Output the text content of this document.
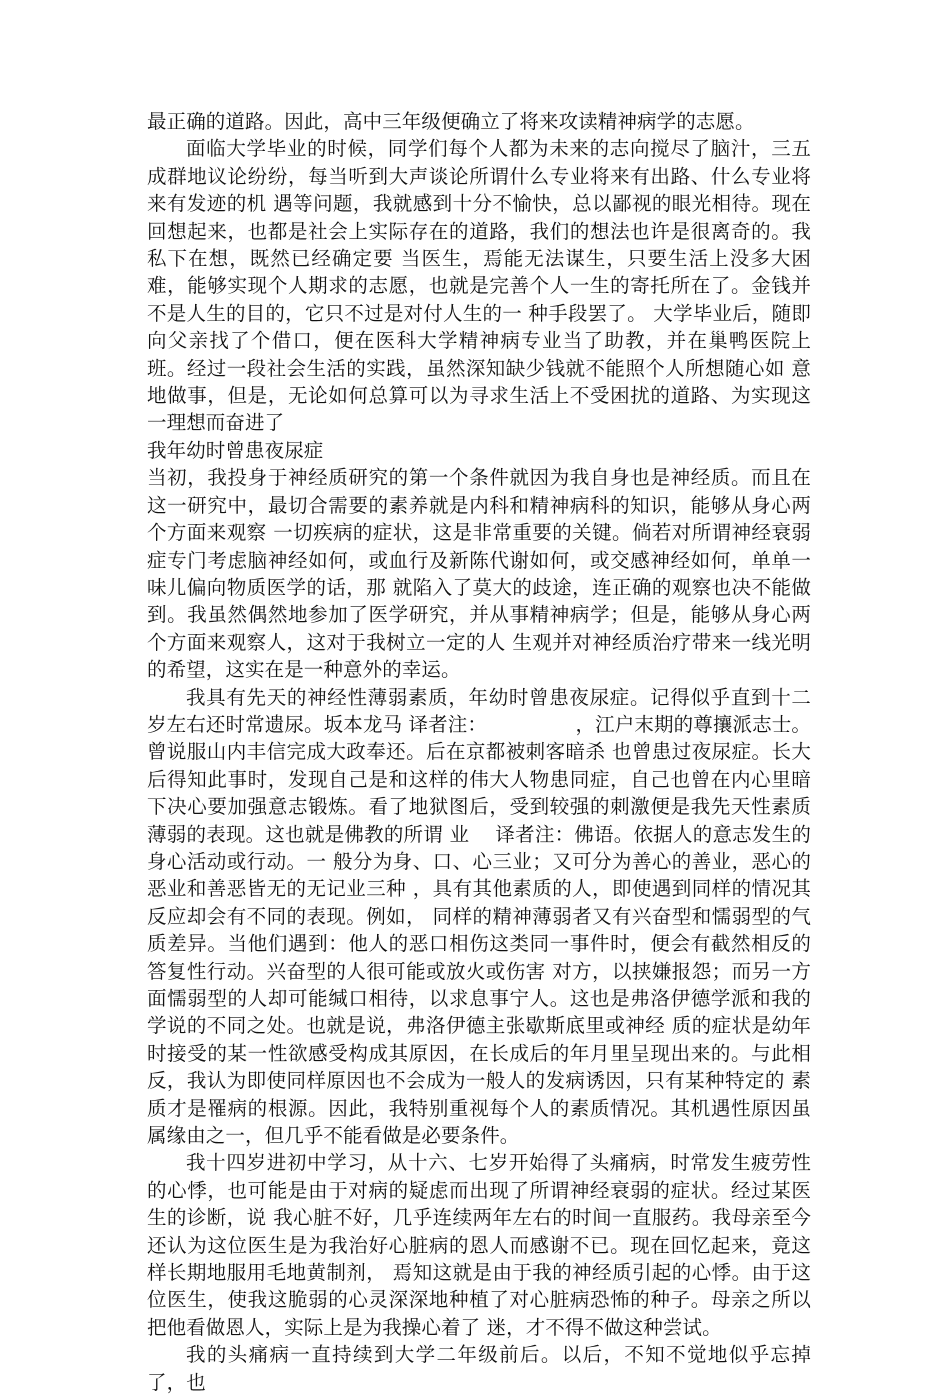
最正确的道路。因此，高中三年级便确立了将来攻读精神病学的志愿。

面临大学毕业的时候，同学们每个人都为未来的志向搅尽了脑汁，三五成群地议论纷纷，每当听到大声谈论所谓什么专业将来有出路、什么专业将来有发迹的机 遇等问题，我就感到十分不愉快，总以鄙视的眼光相待。现在回想起来，也都是社会上实际存在的道路，我们的想法也许是很离奇的。我私下在想，既然已经确定要 当医生，焉能无法谋生，只要生活上没多大困难，能够实现个人期求的志愿，也就是完善个人一生的寄托所在了。金钱并不是人生的目的，它只不过是对付人生的一 种手段罢了。 大学毕业后，随即向父亲找了个借口，便在医科大学精神病专业当了助教，并在巢鸭医院上班。经过一段社会生活的实践，虽然深知缺少钱就不能照个人所想随心如 意地做事，但是，无论如何总算可以为寻求生活上不受困扰的道路、为实现这一理想而奋进了

我年幼时曾患夜尿症

当初，我投身于神经质研究的第一个条件就因为我自身也是神经质。而且在这一研究中，最切合需要的素养就是内科和精神病科的知识，能够从身心两个方面来观察 一切疾病的症状，这是非常重要的关键。倘若对所谓神经衰弱症专门考虑脑神经如何，或血行及新陈代谢如何，或交感神经如何，单单一味儿偏向物质医学的话，那 就陷入了莫大的歧途，连正确的观察也决不能做到。我虽然偶然地参加了医学研究，并从事精神病学；但是，能够从身心两个方面来观察人，这对于我树立一定的人 生观并对神经质治疗带来一线光明的希望，这实在是一种意外的幸运。

我具有先天的神经性薄弱素质，年幼时曾患夜尿症。记得似乎直到十二岁左右还时常遗尿。坂本龙马 译者注：　　　　　，江户末期的尊攘派志士。 曾说服山内丰信完成大政奉还。后在京都被刺客暗杀 也曾患过夜尿症。长大后得知此事时，发现自己是和这样的伟大人物患同症，自己也曾在内心里暗下决心要加强意志锻炼。看了地狱图后，受到较强的刺激便是我先天性素质薄弱的表现。这也就是佛教的所谓 业　 译者注：佛语。依据人的意志发生的身心活动或行动。一 般分为身、口、心三业；又可分为善心的善业，恶心的恶业和善恶皆无的无记业三种 ，具有其他素质的人，即使遇到同样的情况其反应却会有不同的表现。例如， 同样的精神薄弱者又有兴奋型和懦弱型的气质差异。当他们遇到：他人的恶口相伤这类同一事件时，便会有截然相反的答复性行动。兴奋型的人很可能或放火或伤害 对方，以挟嫌报怨；而另一方面懦弱型的人却可能缄口相待，以求息事宁人。这也是弗洛伊德学派和我的学说的不同之处。也就是说，弗洛伊德主张歇斯底里或神经 质的症状是幼年时接受的某一性欲感受构成其原因，在长成后的年月里呈现出来的。与此相反，我认为即使同样原因也不会成为一般人的发病诱因，只有某种特定的 素质才是罹病的根源。因此，我特别重视每个人的素质情况。其机遇性原因虽属缘由之一，但几乎不能看做是必要条件。

我十四岁进初中学习，从十六、七岁开始得了头痛病，时常发生疲劳性的心悸，也可能是由于对病的疑虑而出现了所谓神经衰弱的症状。经过某医生的诊断，说 我心脏不好，几乎连续两年左右的时间一直服药。我母亲至今还认为这位医生是为我治好心脏病的恩人而感谢不已。现在回忆起来，竟这样长期地服用毛地黄制剂， 焉知这就是由于我的神经质引起的心悸。由于这位医生，使我这脆弱的心灵深深地种植了对心脏病恐怖的种子。母亲之所以把他看做恩人，实际上是为我操心着了 迷，才不得不做这种尝试。

我的头痛病一直持续到大学二年级前后。以后，不知不觉地似乎忘掉了，也
